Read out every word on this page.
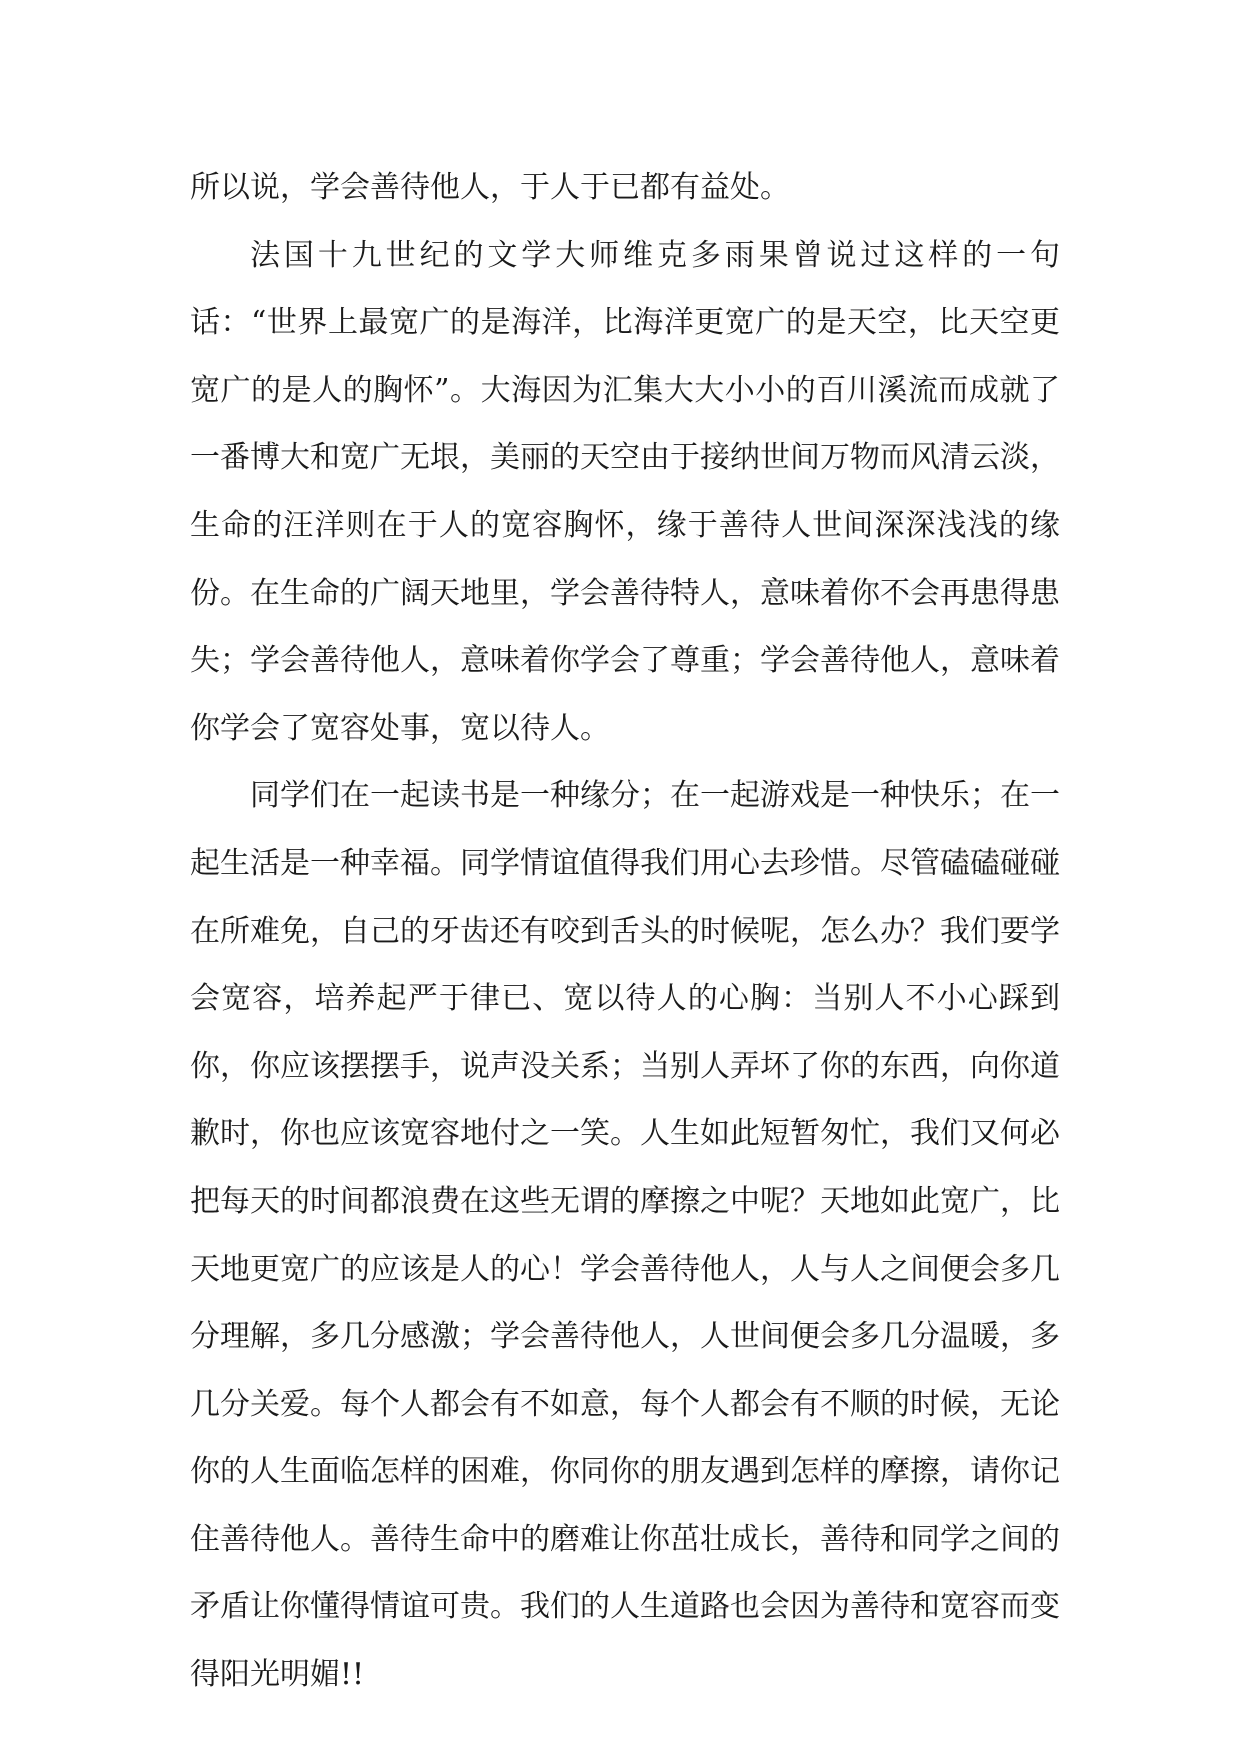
所以说，学会善待他人，于人于已都有益处。

法国十九世纪的文学大师维克多雨果曾说过这样的一句话：“世界上最宽广的是海洋，比海洋更宽广的是天空，比天空更宽广的是人的胸怀”。大海因为汇集大大小小的百川溪流而成就了一番博大和宽广无垠，美丽的天空由于接纳世间万物而风清云淡，生命的汪洋则在于人的宽容胸怀，缘于善待人世间深深浅浅的缘份。在生命的广阔天地里，学会善待特人，意味着你不会再患得患失；学会善待他人，意味着你学会了尊重；学会善待他人，意味着你学会了宽容处事，宽以待人。

同学们在一起读书是一种缘分；在一起游戏是一种快乐；在一起生活是一种幸福。同学情谊值得我们用心去珍惜。尽管磕磕碰碰在所难免，自己的牙齿还有咬到舌头的时候呢，怎么办？我们要学会宽容，培养起严于律已、宽以待人的心胸：当别人不小心踩到你，你应该摆摆手，说声没关系；当别人弄坏了你的东西，向你道歉时，你也应该宽容地付之一笑。人生如此短暂匆忙，我们又何必把每天的时间都浪费在这些无谓的摩擦之中呢？天地如此宽广，比天地更宽广的应该是人的心！学会善待他人，人与人之间便会多几分理解，多几分感激；学会善待他人，人世间便会多几分温暖，多几分关爱。每个人都会有不如意，每个人都会有不顺的时候，无论你的人生面临怎样的困难，你同你的朋友遇到怎样的摩擦，请你记住善待他人。善待生命中的磨难让你茁壮成长，善待和同学之间的矛盾让你懂得情谊可贵。我们的人生道路也会因为善待和宽容而变得阳光明媚!!
